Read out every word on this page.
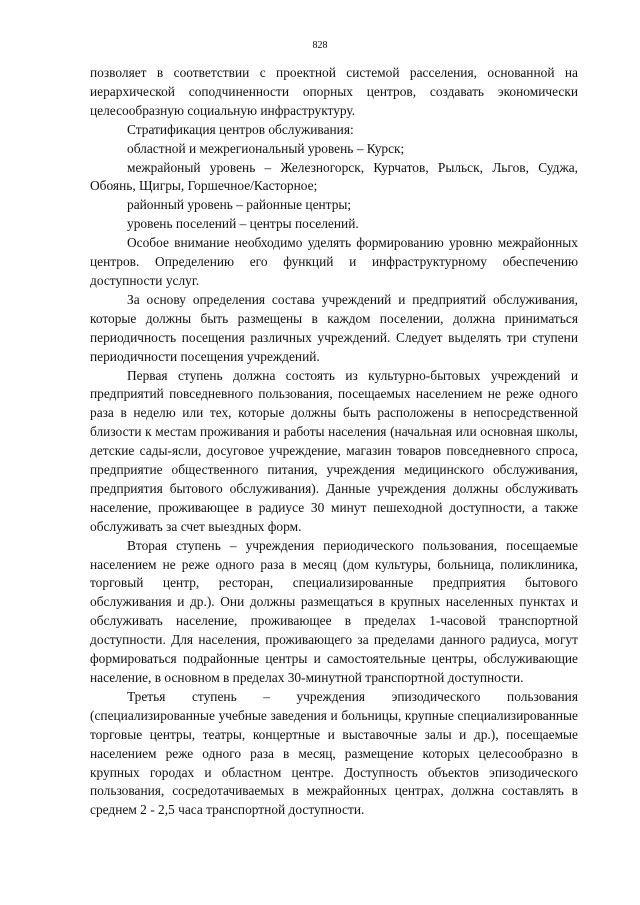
828

позволяет в соответствии с проектной системой расселения, основанной на иерархической соподчиненности опорных центров, создавать экономически целесообразную социальную инфраструктуру.

Стратификация центров обслуживания:

областной и межрегиональный уровень – Курск;

межрайоный уровень – Железногорск, Курчатов, Рыльск, Льгов, Суджа, Обоянь, Щигры, Горшечное/Касторное;

районный уровень – районные центры;

уровень поселений – центры поселений.

Особое внимание необходимо уделять формированию уровню межрайонных центров. Определению его функций и инфраструктурному обеспечению доступности услуг.

За основу определения состава учреждений и предприятий обслуживания, которые должны быть размещены в каждом поселении, должна приниматься периодичность посещения различных учреждений. Следует выделять три ступени периодичности посещения учреждений.

Первая ступень должна состоять из культурно-бытовых учреждений и предприятий повседневного пользования, посещаемых населением не реже одного раза в неделю или тех, которые должны быть расположены в непосредственной близости к местам проживания и работы населения (начальная или основная школы, детские сады-ясли, досуговое учреждение, магазин товаров повседневного спроса, предприятие общественного питания, учреждения медицинского обслуживания, предприятия бытового обслуживания). Данные учреждения должны обслуживать население, проживающее в радиусе 30 минут пешеходной доступности, а также обслуживать за счет выездных форм.

Вторая ступень – учреждения периодического пользования, посещаемые населением не реже одного раза в месяц (дом культуры, больница, поликлиника, торговый центр, ресторан, специализированные предприятия бытового обслуживания и др.). Они должны размещаться в крупных населенных пунктах и обслуживать население, проживающее в пределах 1-часовой транспортной доступности. Для населения, проживающего за пределами данного радиуса, могут формироваться подрайонные центры и самостоятельные центры, обслуживающие население, в основном в пределах 30-минутной транспортной доступности.

Третья ступень – учреждения эпизодического пользования (специализированные учебные заведения и больницы, крупные специализированные торговые центры, театры, концертные и выставочные залы и др.), посещаемые населением реже одного раза в месяц, размещение которых целесообразно в крупных городах и областном центре. Доступность объектов эпизодического пользования, сосредотачиваемых в межрайонных центрах, должна составлять в среднем 2 - 2,5 часа транспортной доступности.
